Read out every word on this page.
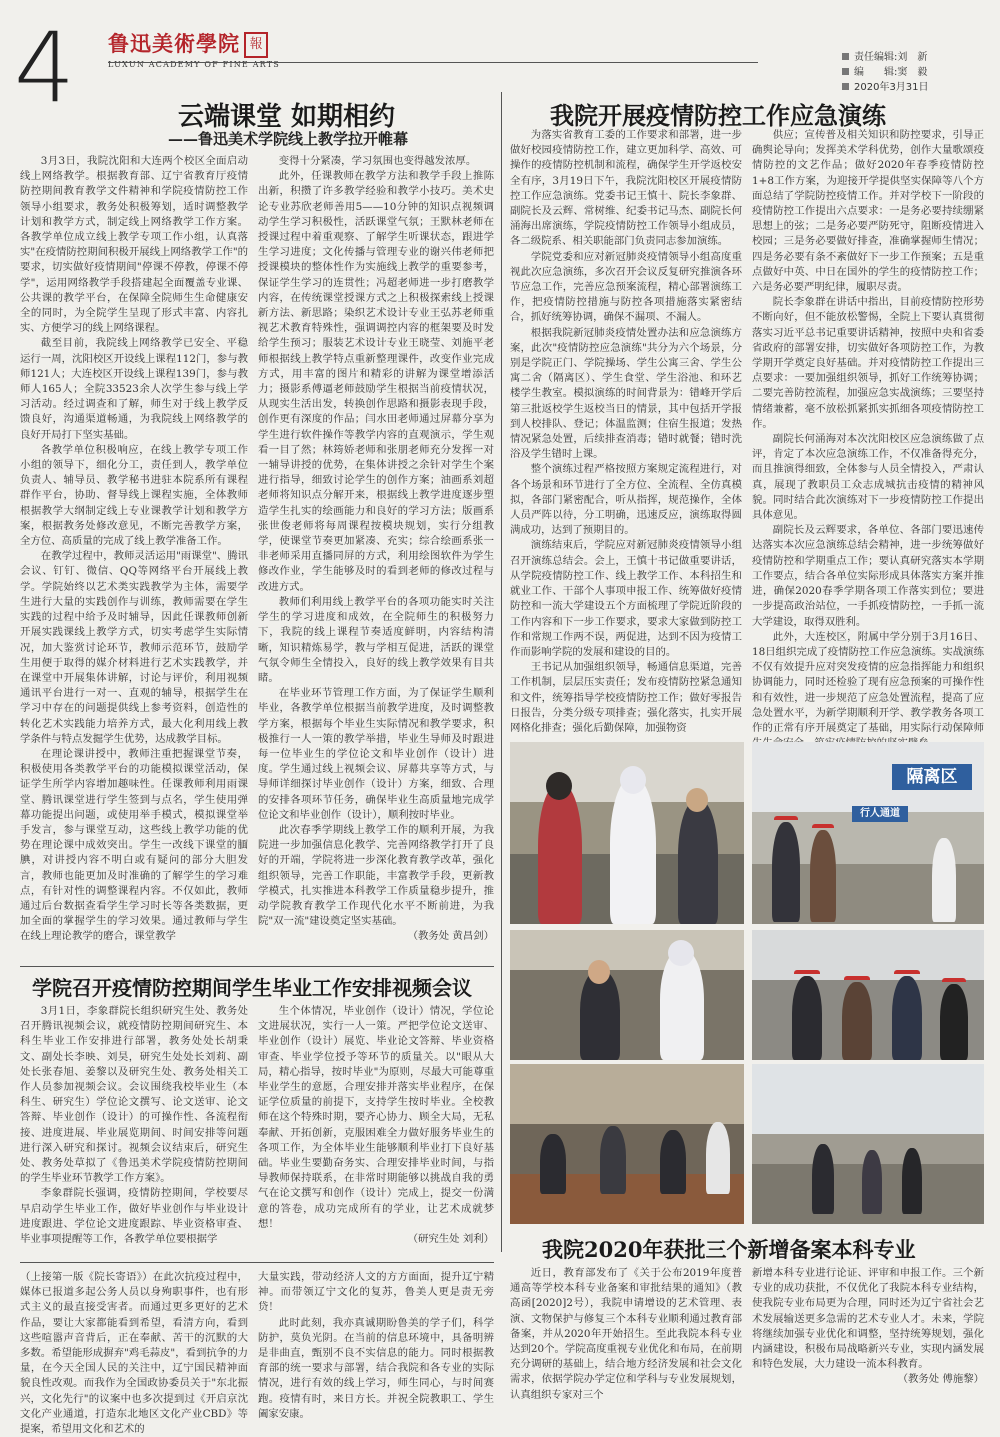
4 鲁迅美術學院 報
LUXUN ACADEMY OF FINE ARTS
责任编辑:刘　新
编　　辑:窦　毅
2020年3月31日
云端课堂 如期相约
——鲁迅美术学院线上教学拉开帷幕

3月3日，我院沈阳和大连两个校区全面启动线上网络教学。根据教育部、辽宁省教育厅疫情防控期间教育教学文件精神和学院疫情防控工作领导小组要求，教务处积极筹划，适时调整教学计划和教学方式，制定线上网络教学工作方案。各教学单位成立线上教学专项工作小组，认真落实"在疫情防控期间积极开展线上网络教学工作"的要求，切实做好疫情期间"停课不停教，停课不停学"，运用网络教学手段搭建起全面覆盖专业课、公共课的教学平台，在保障全院师生生命健康安全的同时，为全院学生呈现了形式丰富、内容扎实、方便学习的线上网络课程。

截至目前，我院线上网络教学已安全、平稳运行一周，沈阳校区开设线上课程112门，参与教师121人；大连校区开设线上课程139门，参与教师人165人；全院33523余人次学生参与线上学习活动。经过调查和了解，师生对于线上教学反馈良好，沟通渠道畅通，为我院线上网络教学的良好开局打下坚实基础。

各教学单位积极响应，在线上教学专项工作小组的领导下，细化分工，责任到人，教学单位负责人、辅导员、教学秘书进驻本院系所有课程群作平台，协助、督导线上课程实施，全体教师根据教学大纲制定线上专业课教学计划和教学方案，根据教务处修改意见，不断完善教学方案，全方位、高质量的完成了线上教学准备工作。

在教学过程中，教师灵活运用"雨课堂"、腾讯会议、钉钉、微信、QQ等网络平台开展线上教学。学院始终以艺术类实践教学为主体，需要学生进行大量的实践创作与训练，教师需要在学生实践的过程中给予及时辅导，因此任课教师创新开展实践课线上教学方式，切实考虑学生实际情况，加大鉴赏讨论环节，教师示范环节，鼓励学生用便于取得的媒介材料进行艺术实践教学，并在课堂中开展集体讲解，讨论与评价，利用视频通讯平台进行一对一、直观的辅导，根据学生在学习中存在的问题提供线上参考资料，创造性的转化艺术实践能力培养方式，最大化利用线上教学条件与特点发掘学生优势，达成教学目标。

在理论课讲授中，教师注重把握课堂节奏，积极使用各类教学平台的功能模拟课堂活动，保证学生所学内容增加趣味性。任课教师利用雨课堂、腾讯课堂进行学生签到与点名，学生使用弹幕功能提出问题，或使用举手模式，模拟课堂举手发言，参与课堂互动，这些线上教学功能的优势在理论课中成效突出。学生一改线下课堂的腼腆，对讲授内容不明白或有疑问的部分大胆发言，教师也能更加及时准确的了解学生的学习难点，有针对性的调整课程内容。不仅如此，教师通过后台数据查看学生学习时长等各类数据，更加全面的掌握学生的学习效果。通过教师与学生在线上理论教学的磨合，课堂教学

变得十分紧凑，学习氛围也变得越发浓厚。

此外，任课教师在教学方法和教学手段上推陈出新，积攒了许多教学经验和教学小技巧。美术史论专业苏欣老师善用5——10分钟的知识点视频调动学生学习积极性，活跃课堂气氛；王默林老师在授课过程中着重观察、了解学生听课状态，跟进学生学习进度；文化传播与管理专业的谢兴伟老师把授课模块的整体性作为实施线上教学的重要参考，保证学生学习的连贯性；冯超老师进一步打磨教学内容，在传统课堂授课方式之上积极探索线上授课新方法、新思路；染织艺术设计专业王弘苏老师重视艺术教育特殊性，强调调控内容的框架要及时发给学生预习；服装艺术设计专业王晓莹、刘施平老师根据线上教学特点重新整理课件，改变作业完成方式，用丰富的图片和精彩的讲解为课堂增添活力；摄影系傅逼老师鼓励学生根据当前疫情状况，从现实生活出发，转换创作思路和摄影表现手段，创作更有深度的作品；闫水田老师通过屏幕分享为学生进行软件操作等教学内容的直观演示，学生观看一目了然；林筠娇老师和张朋老师充分发挥一对一辅导讲授的优势，在集体讲授之余针对学生个案进行指导，细致讨论学生的创作方案；油画系刘超老师将知识点分解开来，根据线上教学进度逐步塑造学生扎实的绘画能力和良好的学习方法；版画系张世俊老师将每周课程按模块规划，实行分组教学，使课堂节奏更加紧凑、充实；综合绘画系张一非老师采用直播同屏的方式，利用绘图软件为学生修改作业，学生能够及时的看到老师的修改过程与改进方式。

教师们利用线上教学平台的各项功能实时关注学生的学习进度和成效，在全院师生的积极努力下，我院的线上课程节奏适度鲜明，内容结构清晰，知识精炼易学，教与学相互促进，活跃的课堂气氛令师生全情投入，良好的线上教学效果有目共睹。

在毕业环节管理工作方面，为了保证学生顺利毕业，各教学单位根据当前教学进度，及时调整教学方案，根据每个毕业生实际情况和教学要求，积极推行一人一策的教学举措，毕业生导师及时跟进每一位毕业生的学位论文和毕业创作（设计）进度。学生通过线上视频会议、屏幕共享等方式，与导师详细探讨毕业创作（设计）方案，细致、合理的安排各项环节任务，确保毕业生高质量地完成学位论文和毕业创作（设计），顺利按时毕业。

此次春季学期线上教学工作的顺利开展，为我院进一步加强信息化教学、完善网络教学打开了良好的开端，学院将进一步深化教育教学改革，强化组织领导，完善工作职能，丰富教学手段，更新教学模式，扎实推进本科教学工作质量稳步提升，推动学院教育教学工作现代化水平不断前进，为我院"双一流"建设奠定坚实基础。

（教务处 黄昌剑）

我院开展疫情防控工作应急演练

为落实省教育工委的工作要求和部署，进一步做好校园疫情防控工作，建立更加科学、高效、可操作的疫情防控机制和流程，确保学生开学返校安全有序，3月19日下午，我院沈阳校区开展疫情防控工作应急演练。党委书记王慎十、院长李象群、副院长及云辉、常树维、纪委书记马杰、副院长何涌海出席演练，学院疫情防控工作领导小组成员，各二级院系、相关职能部门负责同志参加演练。

学院党委和应对新冠肺炎疫情领导小组高度重视此次应急演练，多次召开会议反复研究推演各环节应急工作，完善应急预案流程，精心部署演练工作，把疫情防控措施与防控各项措施落实紧密结合，抓好统筹协调，确保不漏项、不漏人。

根据我院新冠肺炎疫情处置办法和应急演练方案，此次"疫情防控应急演练"共分为六个场景，分别是学院正门、学院操场、学生公寓三舍、学生公寓二舍（隔离区）、学生食堂、学生浴池、和环艺楼学生教室。模拟演练的时间背景为：错峰开学后第三批返校学生返校当日的情景，其中包括开学报到人校排队、登记；体温监测；住宿生报道；发热情况紧急处置，后续排查消毒；错时就餐；错时洗浴及学生错时上课。

整个演练过程严格按照方案规定流程进行，对各个场景和环节进行了全方位、全流程、全仿真模拟，各部门紧密配合，听从指挥，规范操作，全体人员严阵以待，分工明确，迅速反应，演练取得圆满成功，达到了预期目的。

演练结束后，学院应对新冠肺炎疫情领导小组召开演练总结会。会上，王慎十书记做重要讲话，从学院疫情防控工作、线上教学工作、本科招生和就业工作、干部个人事项申报工作、统筹做好疫情防控和一流大学建设五个方面梳理了学院近阶段的工作内容和下一步工作要求，要求大家做到防控工作和常规工作两不误，两促进，达到不因为疫情工作而影响学院的发展和建设的目的。

王书记从加强组织领导，畅通信息渠道，完善工作机制，层层压实责任；发布疫情防控紧急通知和文件，统筹指导学校疫情防控工作；做好零报告日报告，分类分级专项排查；强化落实，扎实开展网格化排查；强化后勤保障，加强物资

供应；宣传普及相关知识和防控要求，引导正确舆论导向；发挥美术学科优势，创作大量歌颂疫情防控的文艺作品；做好2020年春季疫情防控1+8工作方案，为迎接开学提供坚实保障等八个方面总结了学院防控疫情工作。并对学校下一阶段的疫情防控工作提出六点要求：一是务必要持续绷紧思想上的弦；二是务必要严防死守，阻断疫情进入校园；三是务必要做好排查，准确掌握师生情况；四是务必要有条不紊做好下一步工作预案；五是重点做好中英、中日在国外的学生的疫情防控工作；六是务必要严明纪律，履职尽责。

院长李象群在讲话中指出，目前疫情防控形势不断向好，但不能放松警惕，全院上下要认真贯彻落实习近平总书记重要讲话精神，按照中央和省委省政府的部署安排，切实做好各项防控工作，为教学期开学奠定良好基础。并对疫情防控工作提出三点要求：一要加强组织领导，抓好工作统筹协调；二要完善防控流程，加强应急实战演练；三要坚持情绪兼蓄，毫不放松抓紧抓实抓细各项疫情防控工作。

副院长何涌海对本次沈阳校区应急演练做了点评，肯定了本次应急演练工作，不仅准备得充分，而且推演得细致，全体参与人员全情投入，严肃认真，展现了教职员工众志成城抗击疫情的精神风貌。同时结合此次演练对下一步疫情防控工作提出具体意见。

副院长及云辉要求，各单位、各部门要迅速传达落实本次应急演练总结会精神，进一步统筹做好疫情防控和学期重点工作；要认真研究落实本学期工作要点，结合各单位实际形成具体落实方案并推进，确保2020春季学期各项工作落实到位；要进一步提高政治站位，一手抓疫情防控，一手抓一流大学建设，取得双胜利。

此外，大连校区，附属中学分别于3月16日、18日组织完成了疫情防控工作应急演练。实战演练不仅有效提升应对突发疫情的应急指挥能力和组织协调能力，同时还检验了现有应急预案的可操作性和有效性，进一步规范了应急处置流程，提高了应急处置水平，为新学期顺利开学、教学教务各项工作的正常有序开展奠定了基础，用实际行动保障师

隔离区
行人通道
学院召开疫情防控期间学生毕业工作安排视频会议

3月1日，李象群院长组织研究生处、教务处召开腾讯视频会议，就疫情防控期间研究生、本科生毕业工作安排进行部署，教务处处长胡秉文、副处长李映、刘昊，研究生处处长刘莉、副处长张春旭、姜黎以及研究生处、教务处相关工作人员参加视频会议。会议围绕我校毕业生（本科生、研究生）学位论文撰写、论文送审、论文答辩、毕业创作（设计）的可操作性、各流程衔接、进度进展、毕业展览期间、时间安排等问题进行深入研究和探讨。视频会议结束后，研究生处、教务处草拟了《鲁迅美术学院疫情防控期间的学生毕业环节教学工作方案》。

李象群院长强调，疫情防控期间，学校要尽早启动学生毕业工作，做好毕业创作与毕业设计进度跟进、学位论文进度跟踪、毕业资格审查、毕业事项提醒等工作，各教学单位要根据学

生个体情况，毕业创作（设计）情况，学位论文进展状况，实行一人一策。严把学位论文送审、毕业创作（设计）展览、毕业论文答辩、毕业资格审查、毕业学位授予等环节的质量关。以"眼从大局，精心指导，按时毕业"为原则，尽最大可能尊重毕业学生的意愿，合理安排并落实毕业程序，在保证学位质量的前提下，支持学生按时毕业。全校教师在这个特殊时期，要齐心协力、顾全大局，无私奉献、开拓创新，克服困难全力做好服务毕业生的各项工作，为全体毕业生能够顺利毕业打下良好基础。毕业生要勤奋务实、合理安排毕业时间，与指导教师保持联系，在非常时期能够以挑战自我的勇气在论文撰写和创作（设计）完成上，提交一份满意的答卷，成功完成所有的学业，让艺术成就梦想！

（研究生处 刘利）

（上接第一版《院长寄语》）在此次抗疫过程中，媒体已报道多起公务人员以身殉职事件，也有形式主义的最直接受害者。而通过更多更好的艺术作品，要让大家都能看到希望，看清方向，看到这些喧嚣声音背后，正在奉献、苦干的沉默的大多数。希望能形成摒弃"鸡毛蒜皮"，看到抗争的力量，在今天全国人民的关注中，辽宁国民精神面貌良性改观。而我作为全国政协委员关于"东北振兴，文化先行"的议案中也多次提到过《开启京沈文化产业通道，打造东北地区文化产业CBD》等提案，希望用文化和艺术的

大量实践，带动经济人文的方方面面，提升辽宁精神。而带领辽宁文化的复苏，鲁美人更是责无旁贷！

此时此刻，我亦真诚期盼鲁美的学子们，科学防护，莫负光阴。在当前的信息环境中，具备明辨是非曲直，甄别不良不实信息的能力。同时根据教育部的统一要求与部署，结合我院和各专业的实际情况，进行有效的线上学习，师生同心，与时间赛跑。疫情有时，来日方长。并祝全院教职工、学生阖家安康。

我院2020年获批三个新增备案本科专业

近日，教育部发布了《关于公布2019年度普通高等学校本科专业备案和审批结果的通知》（教高函[2020]2号），我院申请增设的艺术管理、表演、文物保护与修复三个本科专业顺利通过教育部备案，并从2020年开始招生。至此我院本科专业达到20个。学院高度重视专业优化和布局，在前期充分调研的基础上，结合地方经济发展和社会文化需求，依据学院办学定位和学科与专业发展规划，认真组织专家对三个

新增本科专业进行论证、评审和申报工作。三个新专业的成功获批，不仅优化了我院本科专业结构，使我院专业布局更为合理，同时还为辽宁省社会艺术发展输送更多急需的艺术专业人才。未来，学院将继续加强专业优化和调整，坚持统筹规划，强化内涵建设，积极布局战略新兴专业，实现内涵发展和特色发展，大力建设一流本科教育。

（教务处 傅施黎）
